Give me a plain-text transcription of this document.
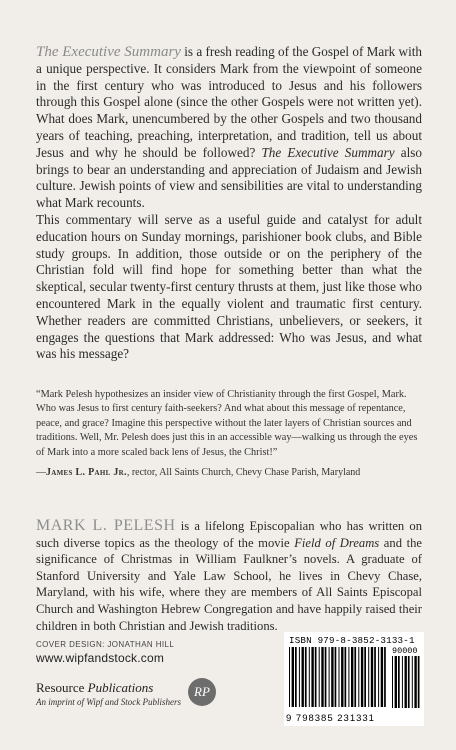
The Executive Summary is a fresh reading of the Gospel of Mark with a unique perspective. It considers Mark from the viewpoint of someone in the first century who was introduced to Jesus and his followers through this Gospel alone (since the other Gospels were not written yet). What does Mark, unencumbered by the other Gospels and two thousand years of teaching, preaching, interpretation, and tradition, tell us about Jesus and why he should be followed? The Executive Summary also brings to bear an understanding and appreciation of Judaism and Jewish culture. Jewish points of view and sensibilities are vital to understanding what Mark recounts.

This commentary will serve as a useful guide and catalyst for adult education hours on Sunday mornings, parishioner book clubs, and Bible study groups. In addition, those outside or on the periphery of the Christian fold will find hope for something better than what the skeptical, secular twenty-first century thrusts at them, just like those who encountered Mark in the equally violent and traumatic first century. Whether readers are committed Christians, unbelievers, or seekers, it engages the questions that Mark addressed: Who was Jesus, and what was his message?

“Mark Pelesh hypothesizes an insider view of Christianity through the first Gospel, Mark. Who was Jesus to first century faith-seekers? And what about this message of repentance, peace, and grace? Imagine this perspective without the later layers of Christian sources and traditions. Well, Mr. Pelesh does just this in an accessible way—walking us through the eyes of Mark into a more scaled back lens of Jesus, the Christ!”
—James L. Pahl Jr., rector, All Saints Church, Chevy Chase Parish, Maryland
MARK L. PELESH is a lifelong Episcopalian who has written on such diverse topics as the theology of the movie Field of Dreams and the significance of Christmas in William Faulkner’s novels. A graduate of Stanford University and Yale Law School, he lives in Chevy Chase, Maryland, with his wife, where they are members of All Saints Episcopal Church and Washington Hebrew Congregation and have happily raised their children in both Christian and Jewish traditions.
COVER DESIGN: JONATHAN HILL
www.wipfandstock.com
Resource Publications
An imprint of Wipf and Stock Publishers
RP
ISBN 979-8-3852-3133-1
90000
9 798385 231331
